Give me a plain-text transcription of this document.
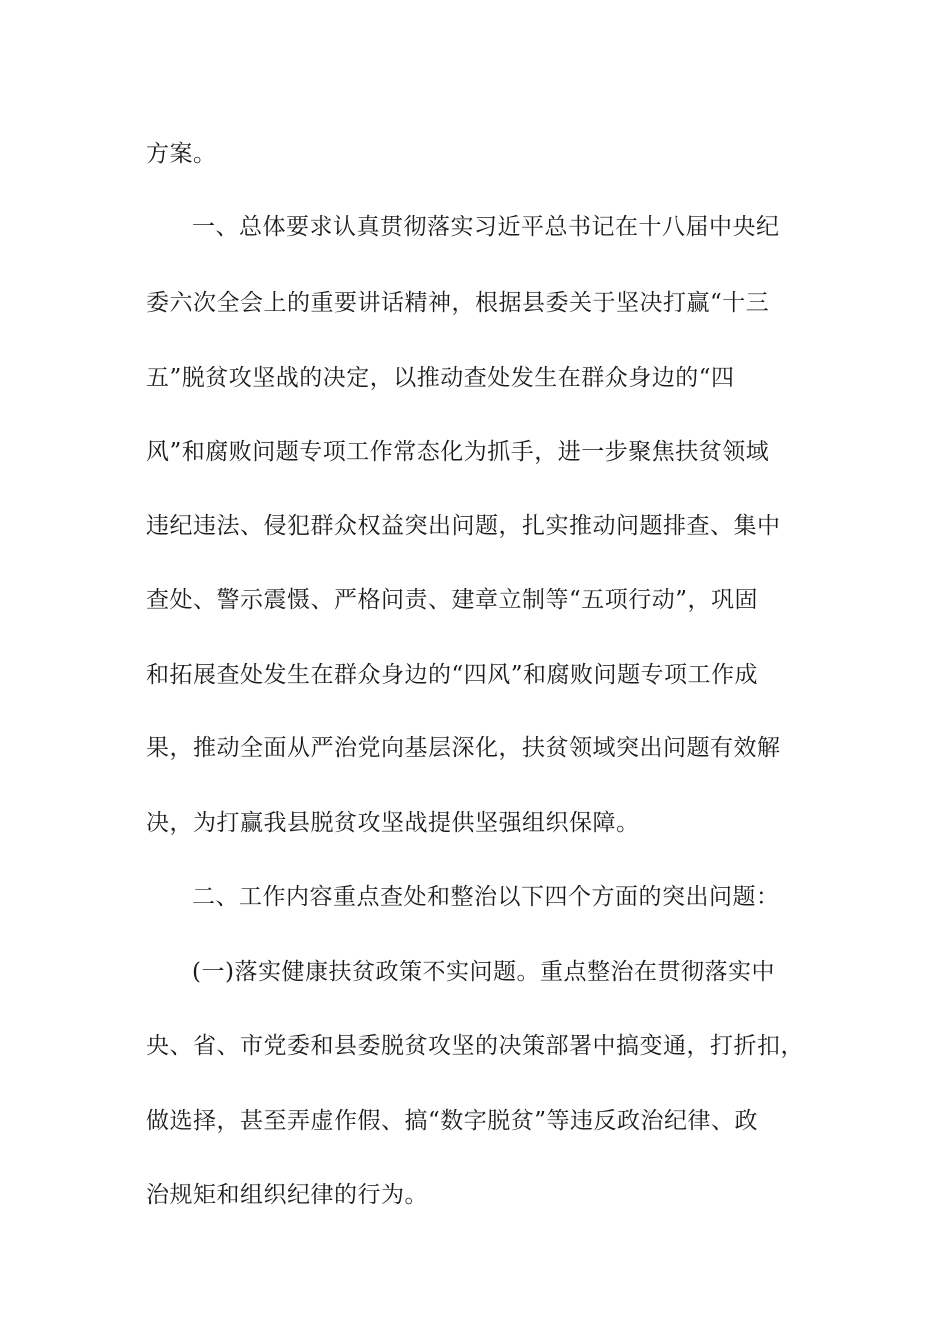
方案。
一、总体要求认真贯彻落实习近平总书记在十八届中央纪
委六次全会上的重要讲话精神，根据县委关于坚决打赢“十三
五”脱贫攻坚战的决定，以推动查处发生在群众身边的“四
风”和腐败问题专项工作常态化为抓手，进一步聚焦扶贫领域
违纪违法、侵犯群众权益突出问题，扎实推动问题排查、集中
查处、警示震慑、严格问责、建章立制等“五项行动”，巩固
和拓展查处发生在群众身边的“四风”和腐败问题专项工作成
果，推动全面从严治党向基层深化，扶贫领域突出问题有效解
决，为打赢我县脱贫攻坚战提供坚强组织保障。
二、工作内容重点查处和整治以下四个方面的突出问题：
(一)落实健康扶贫政策不实问题。重点整治在贯彻落实中
央、省、市党委和县委脱贫攻坚的决策部署中搞变通，打折扣，
做选择，甚至弄虚作假、搞“数字脱贫”等违反政治纪律、政
治规矩和组织纪律的行为。
